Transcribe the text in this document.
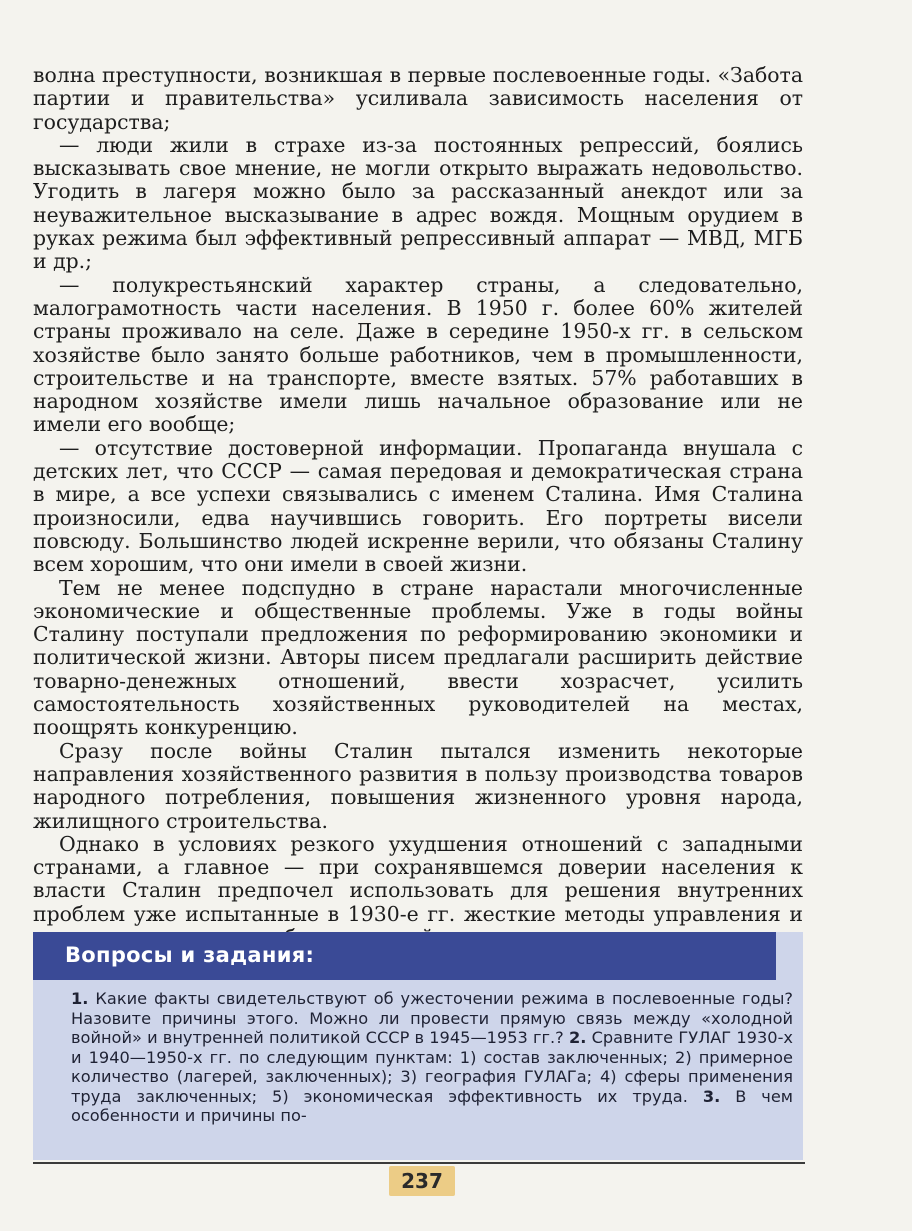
волна преступности, возникшая в первые послевоенные годы. «Забота партии и правительства» усиливала зависимость населения от государства;

— люди жили в страхе из-за постоянных репрессий, боялись высказывать свое мнение, не могли открыто выражать недовольство. Угодить в лагеря можно было за рассказанный анекдот или за неуважительное высказывание в адрес вождя. Мощным орудием в руках режима был эффективный репрессивный аппарат — МВД, МГБ и др.;

— полукрестьянский характер страны, а следовательно, малограмотность части населения. В 1950 г. более 60% жителей страны проживало на селе. Даже в середине 1950-х гг. в сельском хозяйстве было занято больше работников, чем в промышленности, строительстве и на транспорте, вместе взятых. 57% работавших в народном хозяйстве имели лишь начальное образование или не имели его вообще;

— отсутствие достоверной информации. Пропаганда внушала с детских лет, что СССР — самая передовая и демократическая страна в мире, а все успехи связывались с именем Сталина. Имя Сталина произносили, едва научившись говорить. Его портреты висели повсюду. Большинство людей искренне верили, что обязаны Сталину всем хорошим, что они имели в своей жизни.

Тем не менее подспудно в стране нарастали многочисленные экономические и общественные проблемы. Уже в годы войны Сталину поступали предложения по реформированию экономики и политической жизни. Авторы писем предлагали расширить действие товарно-денежных отношений, ввести хозрасчет, усилить самостоятельность хозяйственных руководителей на местах, поощрять конкуренцию.

Сразу после войны Сталин пытался изменить некоторые направления хозяйственного развития в пользу производства товаров народного потребления, повышения жизненного уровня народа, жилищного строительства.

Однако в условиях резкого ухудшения отношений с западными странами, а главное — при сохранявшемся доверии населения к власти Сталин предпочел использовать для решения внутренних проблем уже испытанные в 1930-е гг. жесткие методы управления и

Вопросы и задания:
1. Какие факты свидетельствуют об ужесточении режима в послевоенные годы? Назовите причины этого. Можно ли провести прямую связь между «холодной войной» и внутренней политикой СССР в 1945—1953 гг.? 2. Сравните ГУЛАГ 1930-х и 1940—1950-х гг. по следующим пунктам: 1) состав заключенных; 2) примерное количество (лагерей, заключенных); 3) география ГУЛАГа; 4) сферы применения труда заключенных; 5) экономическая эффективность их труда. 3. В чем особенности и причины по-
237
